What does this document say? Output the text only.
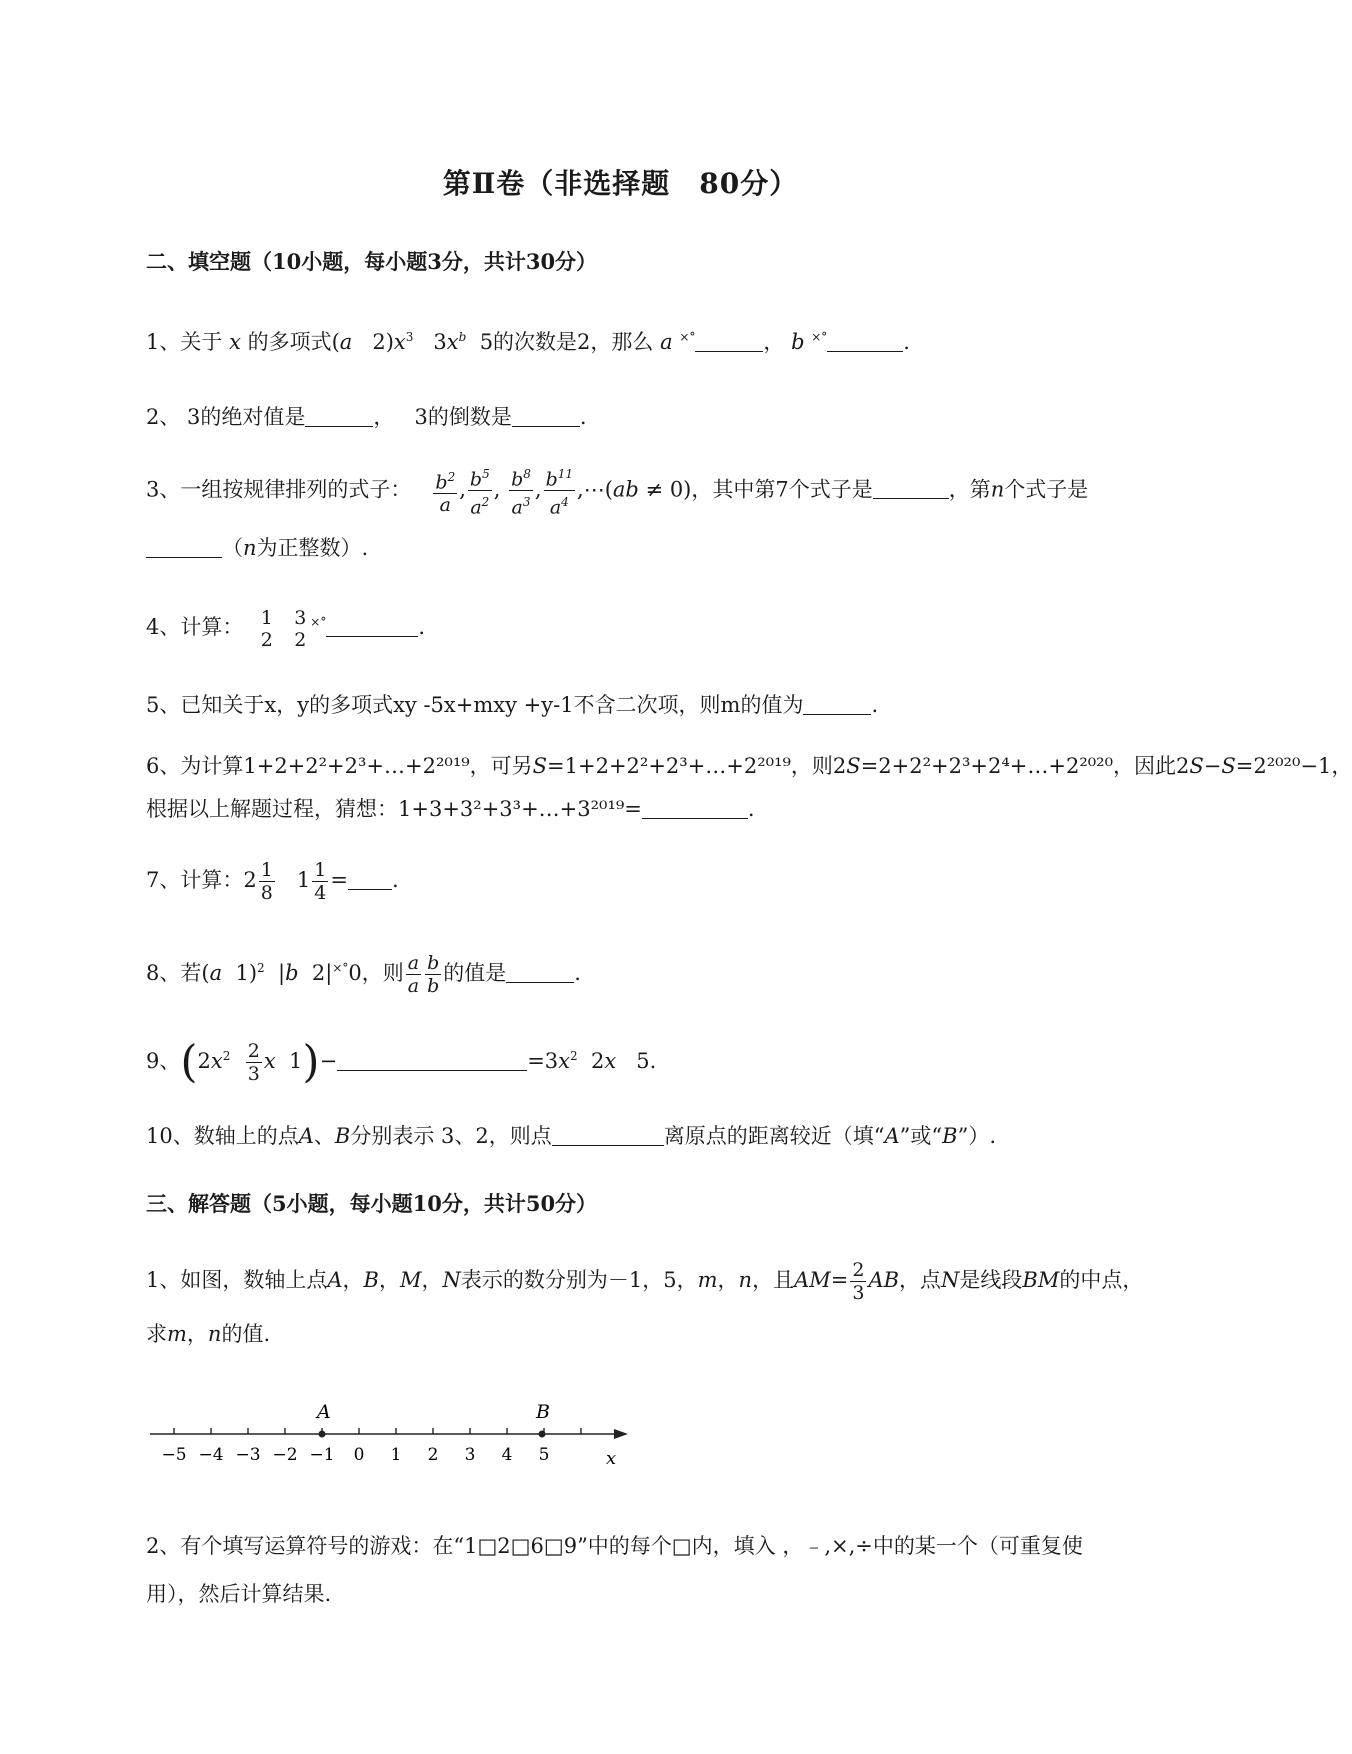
第Ⅱ卷（非选择题　80分）
二、填空题（10小题，每小题3分，共计30分）
1、关于 x 的多项式(a   $2)x^3$   $3x^b$ 5的次数是2，那么 a ×°	， b ×°	.
2、 3的绝对值是	，   3的倒数是	.
3、一组按规律排列的式子： $\frac{b^2}{a}$ , $\frac{b^5}{a^2}$ , $\frac{b^8}{a^3}$ , $\frac{b^{11}}{a^4}$ ,⋯(ab ≠ 0)，其中第7个式子是	，第n个式子是
（n为正整数）.
4、计算： 1
2

3
2
×°	.
5、已知关于x，y的多项式xy -5x+mxy +y-1不含二次项，则m的值为	.
6、为计算1+2+2²+2³+…+2²⁰¹⁹，可另S=1+2+2²+2³+…+2²⁰¹⁹，则2S=2+2²+2³+2⁴+…+2²⁰²⁰，因此2S−S=2²⁰²⁰−1，
根据以上解题过程，猜想：1+3+3²+3³+…+3²⁰¹⁹=	.
7、计算：$2 \frac{1}{8} 1 \frac{1}{4}$ = .
8、若(a  1)$^2$  |b  2|×°0，则 $\frac{a}{a} \frac{b}{b}$ 的值是	.
9、($2x^2 \frac{2}{3}$ x  1)−	$=3x^2$  2x 5.
10、数轴上的点A、B分别表示 3、2，则点	离原点的距离较近（填“A”或“B”）.
三、解答题（5小题，每小题10分，共计50分）
1、如图，数轴上点A，B，M，N表示的数分别为－1，5，m，n，且$AM= \frac{2}{3}$ AB，点N是线段BM的中点，
求m，n的值.
−5 −4 −3 −2 −1 0 1 2 3 4 5
A	B
x
2、有个填写运算符号的游戏：在“1□2□6□9”中的每个□内，填入 ，﹣,×,÷中的某一个（可重复使
用），然后计算结果.
